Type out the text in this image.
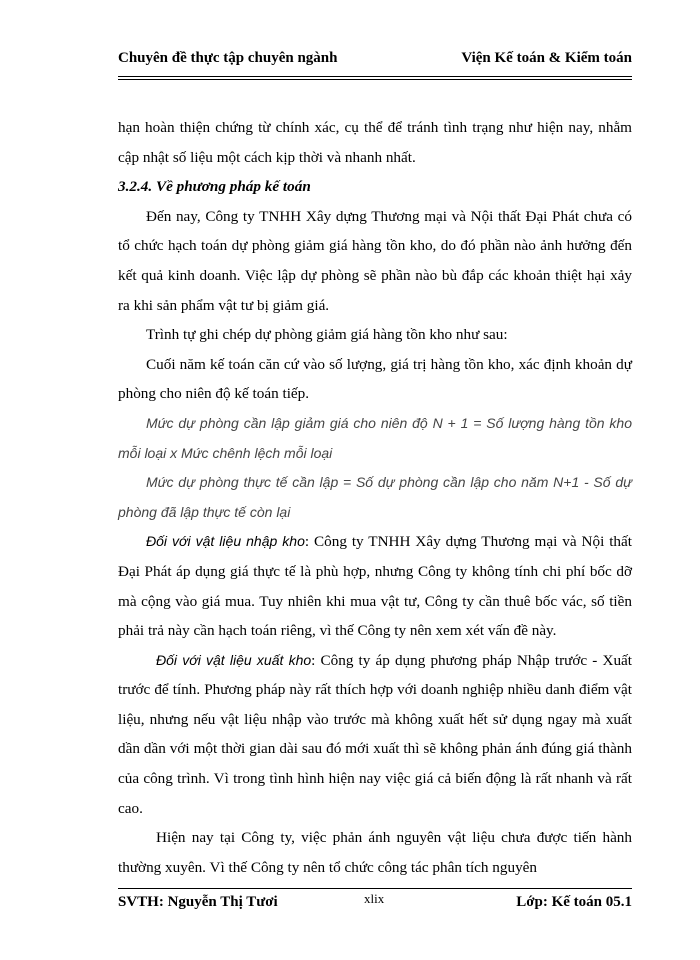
Chuyên đề thực tập chuyên ngành	Viện Kế toán & Kiểm toán

hạn hoàn thiện chứng từ chính xác, cụ thể để tránh tình trạng như hiện nay, nhằm cập nhật số liệu một cách kịp thời và nhanh nhất.

3.2.4. Về phương pháp kế toán

Đến nay, Công ty TNHH Xây dựng Thương mại và Nội thất Đại Phát chưa có tổ chức hạch toán dự phòng giảm giá hàng tồn kho, do đó phần nào ảnh hưởng đến kết quả kinh doanh. Việc lập dự phòng sẽ phần nào bù đắp các khoản thiệt hại xảy ra khi sản phẩm vật tư bị giảm giá.

Trình tự ghi chép dự phòng giảm giá hàng tồn kho như sau:

Cuối năm kế toán căn cứ vào số lượng, giá trị hàng tồn kho, xác định khoản dự phòng cho niên độ kế toán tiếp.

Mức dự phòng cần lập giảm giá cho niên độ N + 1 = Số lượng hàng tồn kho mỗi loại x Mức chênh lệch mỗi loại

Mức dự phòng thực tế cần lập = Số dự phòng cần lập cho năm N+1 - Số dự phòng đã lập thực tế còn lại

Đối với vật liệu nhập kho: Công ty TNHH Xây dựng Thương mại và Nội thất Đại Phát áp dụng giá thực tế là phù hợp, nhưng Công ty không tính chi phí bốc dỡ mà cộng vào giá mua. Tuy nhiên khi mua vật tư, Công ty cần thuê bốc vác, số tiền phải trả này cần hạch toán riêng, vì thế Công ty nên xem xét vấn đề này.

Đối với vật liệu xuất kho: Công ty áp dụng phương pháp Nhập trước - Xuất trước để tính. Phương pháp này rất thích hợp với doanh nghiệp nhiều danh điểm vật liệu, nhưng nếu vật liệu nhập vào trước mà không xuất hết sử dụng ngay mà xuất dần dần với một thời gian dài sau đó mới xuất thì sẽ không phản ánh đúng giá thành của công trình. Vì trong tình hình hiện nay việc giá cả biến động là rất nhanh và rất cao.

Hiện nay tại Công ty, việc phản ánh nguyên vật liệu chưa được tiến hành thường xuyên. Vì thế Công ty nên tổ chức công tác phân tích nguyên

SVTH: Nguyễn Thị Tươi	xlix	Lớp: Kế toán 05.1
